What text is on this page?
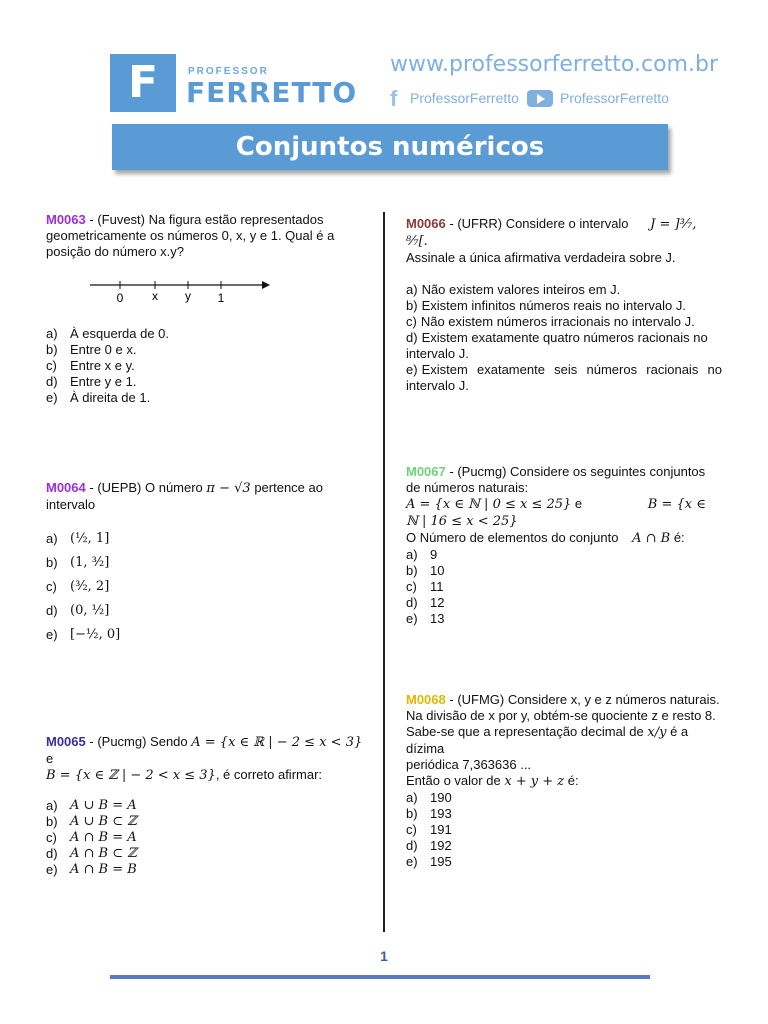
F	PROFESSOR
FERRETTO
www.professorferretto.com.br
f ProfessorFerretto	ProfessorFerretto
Conjuntos numéricos
M0063 - (Fuvest) Na figura estão representados geometricamente os números 0, x, y e 1. Qual é a posição do número x.y?
0 x y 1
a) À esquerda de 0.
b) Entre 0 e x.
c)	Entre x e y.
d) Entre y e 1.
e) À direita de 1.
M0064 - (UEPB) O número π − √3 pertence ao intervalo
a) (½, 1]
b) (1, ³⁄₂]
c)	(³⁄₂, 2]
d) (0, ½]
e) [−½, 0]
M0065 - (Pucmg) Sendo A = {x ∈ ℝ | − 2 ≤ x < 3} e
B = {x ∈ ℤ | − 2 < x ≤ 3}, é correto afirmar:
a) A ∪ B = A
b) A ∪ B ⊂ ℤ
c)	A ∩ B = A
d) A ∩ B ⊂ ℤ
e) A ∩ B = B
M0066 - (UFRR) Considere o intervalo J = ]³⁄₇, ⁸⁄₇[.
Assinale a única afirmativa verdadeira sobre J.
a) Não existem valores inteiros em J.
b) Existem infinitos números reais no intervalo J.
c) Não existem números irracionais no intervalo J.
d) Existem exatamente quatro números racionais no intervalo J.
e) Existem exatamente seis números racionais no intervalo J.
M0067 - (Pucmg) Considere os seguintes conjuntos de números naturais:
A = {x ∈ ℕ | 0 ≤ x ≤ 25} e	B = {x ∈
ℕ | 16 ≤ x < 25}
O Número de elementos do conjunto A ∩ B é:
a) 9
b) 10
c)	11
d) 12
e) 13
M0068 - (UFMG) Considere x, y e z números naturais.
Na divisão de x por y, obtém-se quociente z e resto 8.
Sabe-se que a representação decimal de x/y é a dízima
periódica 7,363636 ...
Então o valor de x + y + z é:
a) 190
b) 193
c)	191
d) 192
e) 195
1
